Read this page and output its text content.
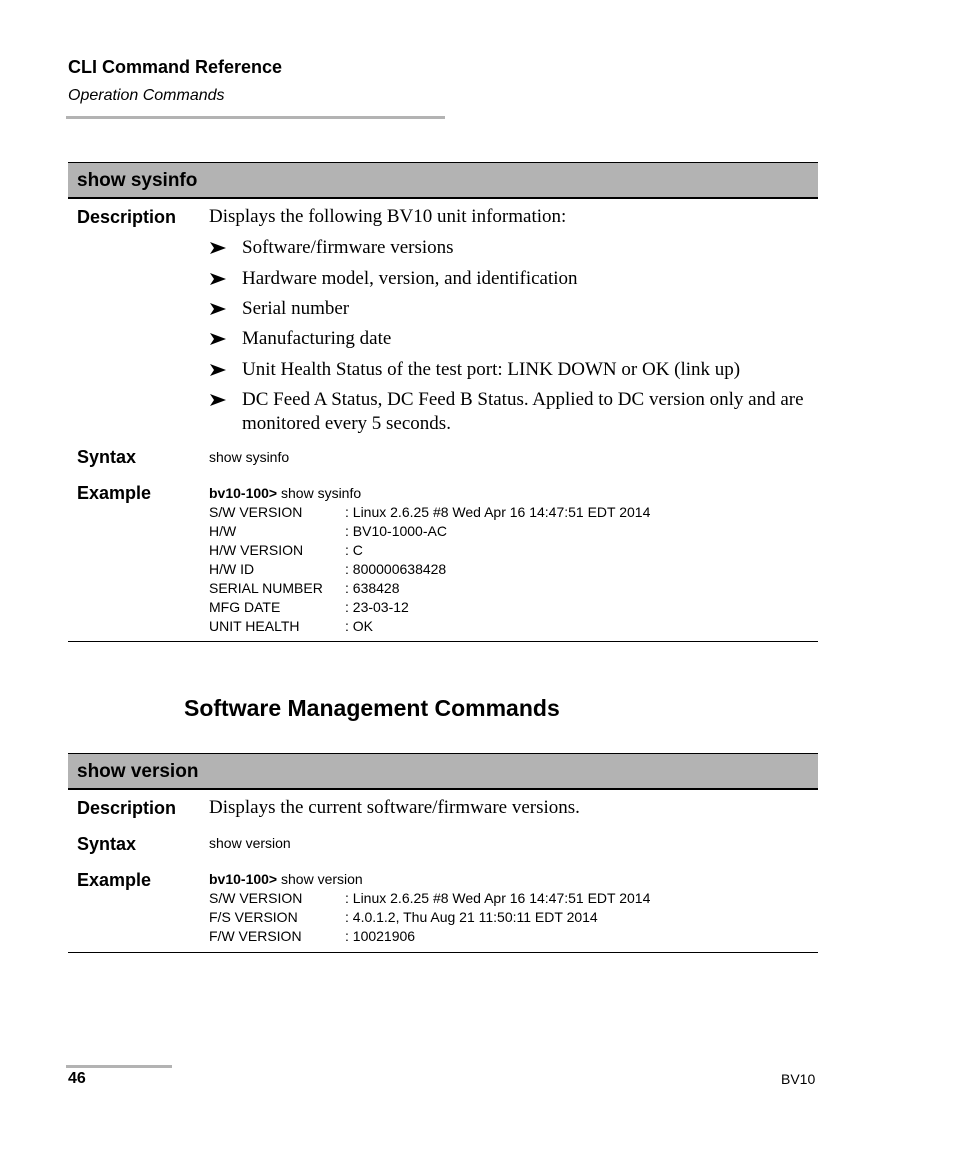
CLI Command Reference
Operation Commands
show sysinfo
Description Displays the following BV10 unit information:
Software/firmware versions
Hardware model, version, and identification
Serial number
Manufacturing date
Unit Health Status of the test port: LINK DOWN or OK (link up)
DC Feed A Status, DC Feed B Status. Applied to DC version only and are monitored every 5 seconds.
Syntax	show sysinfo
Example	bv10-100> show sysinfo
S/W VERSION	: Linux 2.6.25 #8 Wed Apr 16 14:47:51 EDT 2014
H/W	: BV10-1000-AC
H/W VERSION	: C
H/W ID	: 800000638428
SERIAL NUMBER : 638428
MFG DATE	: 23-03-12
UNIT HEALTH	: OK
Software Management Commands
show version
Description Displays the current software/firmware versions.
Syntax	show version
Example	bv10-100> show version
S/W VERSION	: Linux 2.6.25 #8 Wed Apr 16 14:47:51 EDT 2014
F/S VERSION	: 4.0.1.2, Thu Aug 21 11:50:11 EDT 2014
F/W VERSION	: 10021906
46	BV10
